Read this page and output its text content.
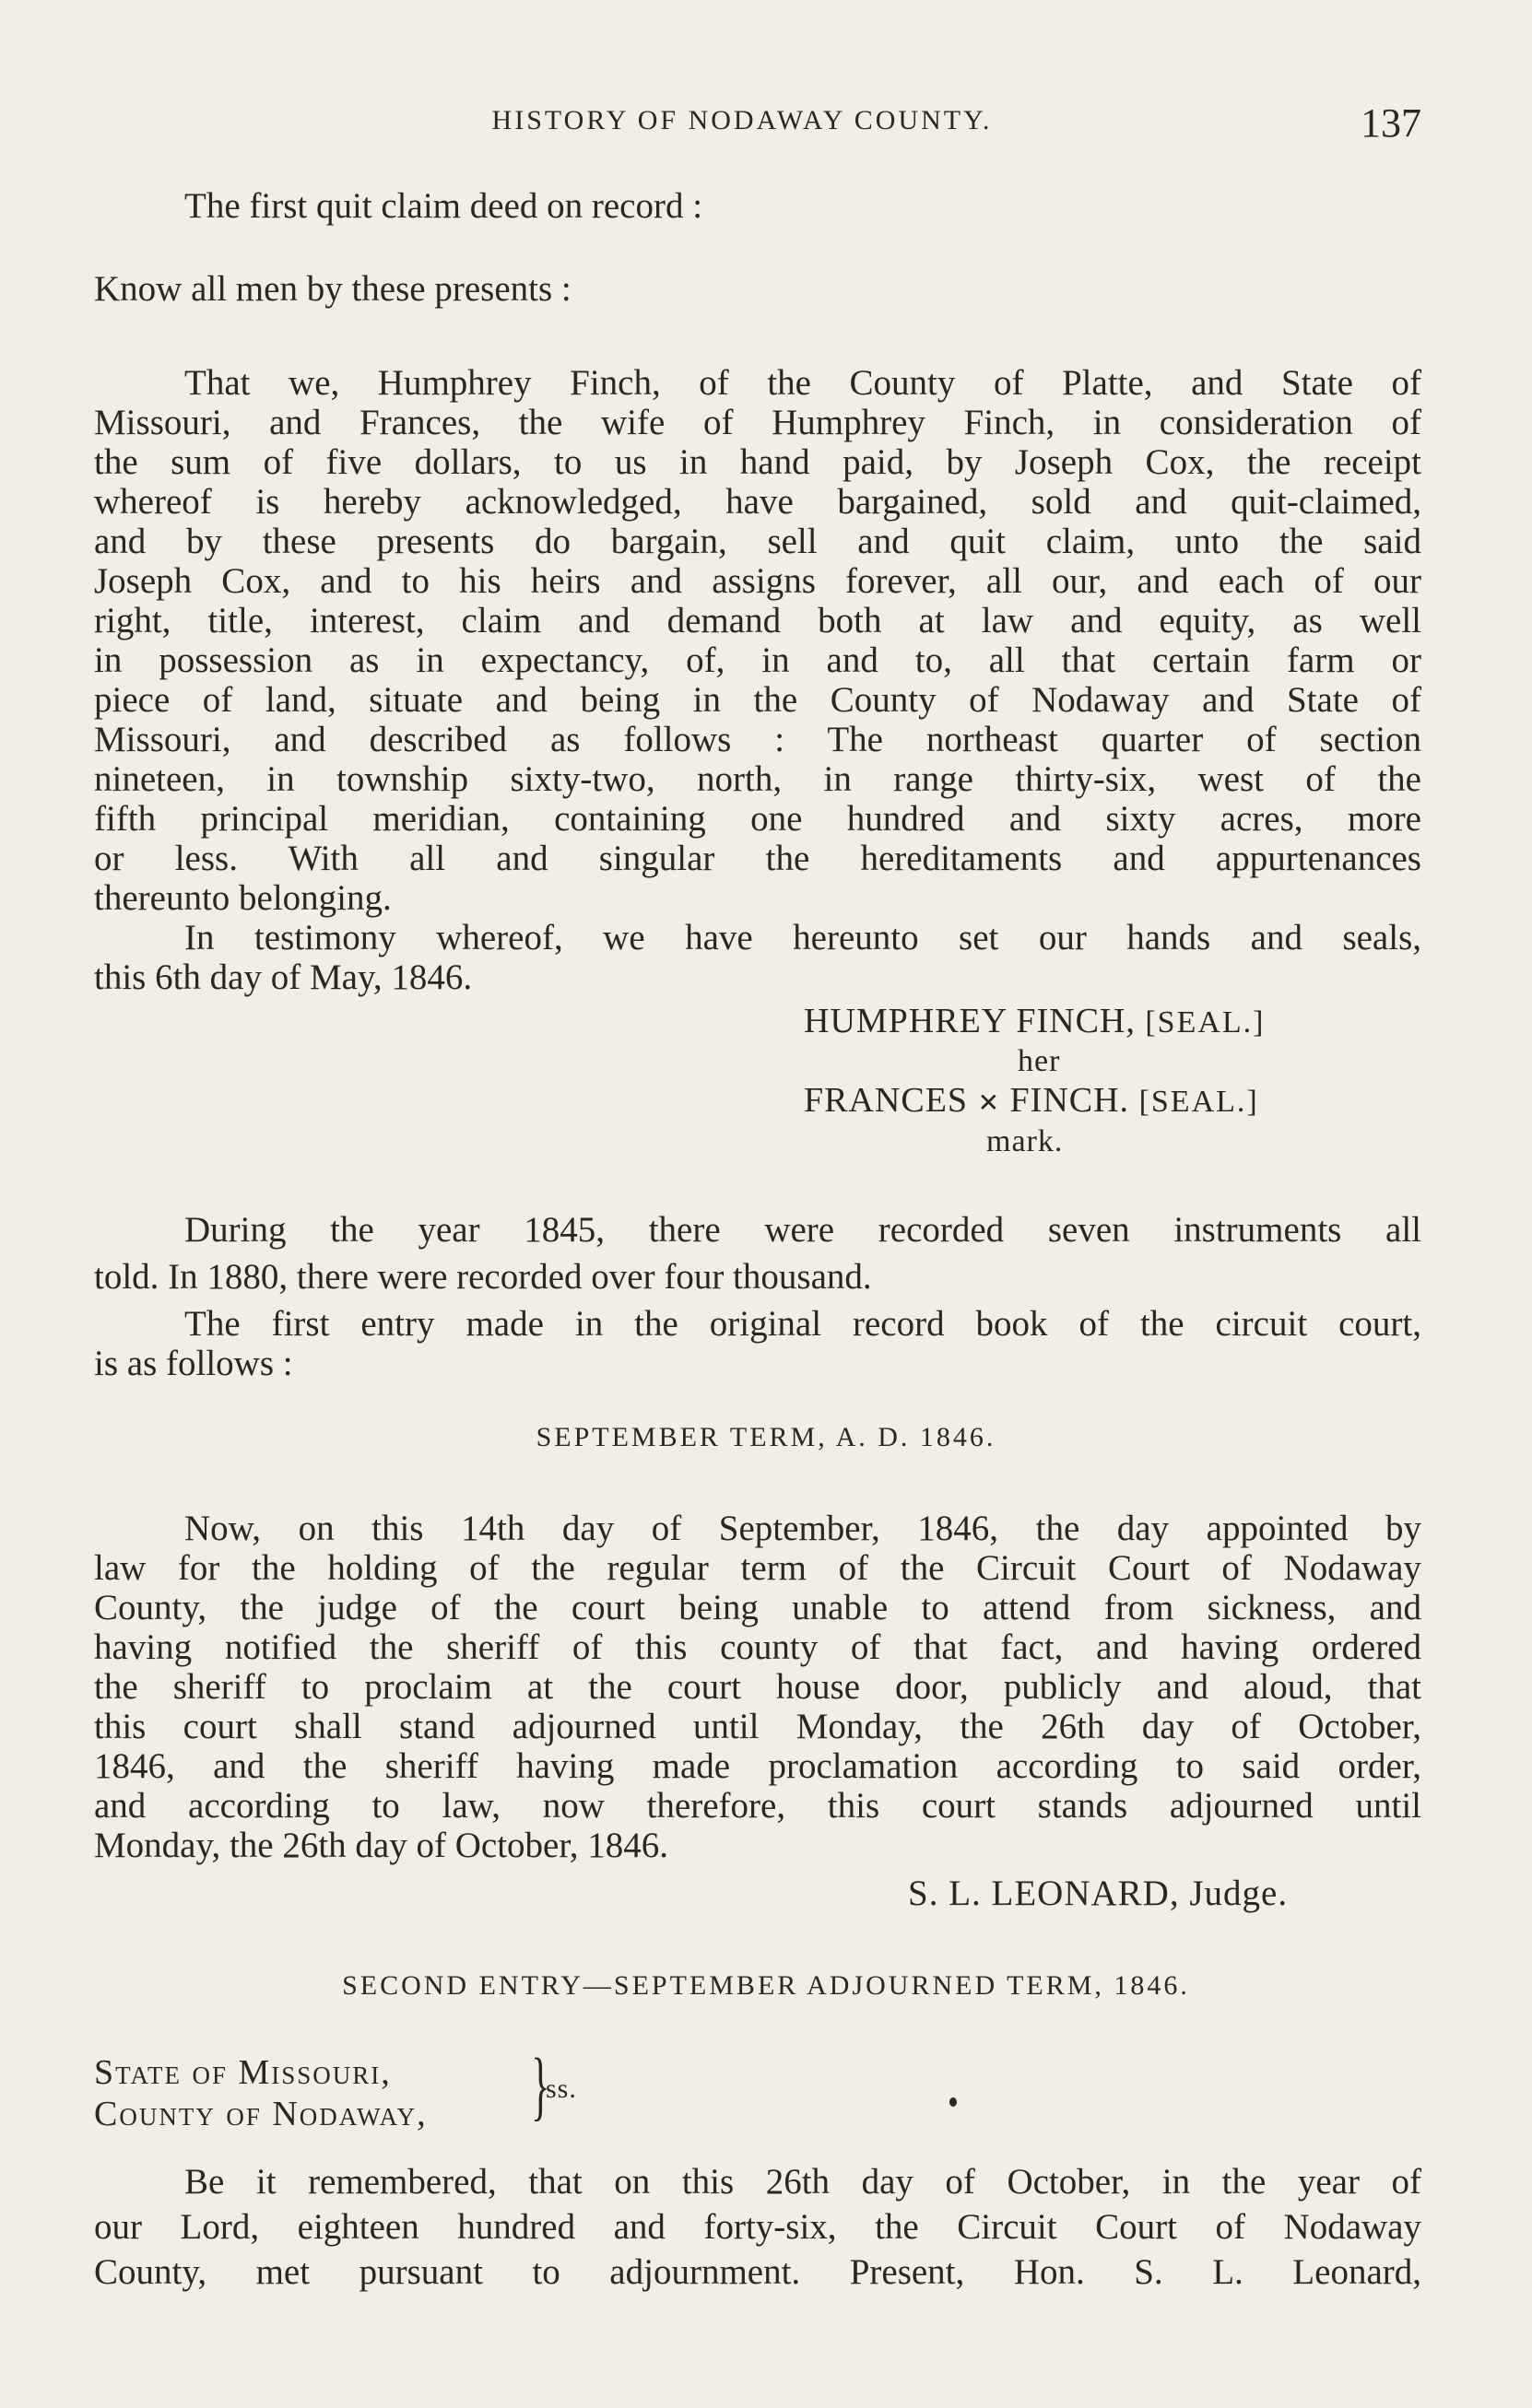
HISTORY OF NODAWAY COUNTY.	137
The first quit claim deed on record :
Know all men by these presents :
That we, Humphrey Finch, of the County of Platte, and State of
Missouri, and Frances, the wife of Humphrey Finch, in consideration of
the sum of five dollars, to us in hand paid, by Joseph Cox, the receipt
whereof is hereby acknowledged, have bargained, sold and quit-claimed,
and by these presents do bargain, sell and quit claim, unto the said
Joseph Cox, and to his heirs and assigns forever, all our, and each of our
right, title, interest, claim and demand both at law and equity, as well
in possession as in expectancy, of, in and to, all that certain farm or
piece of land, situate and being in the County of Nodaway and State of
Missouri, and described as follows : The northeast quarter of section
nineteen, in township sixty-two, north, in range thirty-six, west of the
fifth principal meridian, containing one hundred and sixty acres, more
or less. With all and singular the hereditaments and appurtenances
thereunto belonging.
In testimony whereof, we have hereunto set our hands and seals,
this 6th day of May, 1846.
HUMPHREY FINCH, [SEAL.]
her
FRANCES ✕ FINCH. [SEAL.]
mark.
During the year 1845, there were recorded seven instruments all
told. In 1880, there were recorded over four thousand.
The first entry made in the original record book of the circuit court,
is as follows :
SEPTEMBER TERM, A. D. 1846.
Now, on this 14th day of September, 1846, the day appointed by
law for the holding of the regular term of the Circuit Court of Nodaway
County, the judge of the court being unable to attend from sickness, and
having notified the sheriff of this county of that fact, and having ordered
the sheriff to proclaim at the court house door, publicly and aloud, that
this court shall stand adjourned until Monday, the 26th day of October,
1846, and the sheriff having made proclamation according to said order,
and according to law, now therefore, this court stands adjourned until
Monday, the 26th day of October, 1846.
S. L. LEONARD, Judge.
SECOND ENTRY—SEPTEMBER ADJOURNED TERM, 1846.
State of Missouri,
County of Nodaway, }
ss.
Be it remembered, that on this 26th day of October, in the year of
our Lord, eighteen hundred and forty-six, the Circuit Court of Nodaway
County, met pursuant to adjournment. Present, Hon. S. L. Leonard,
